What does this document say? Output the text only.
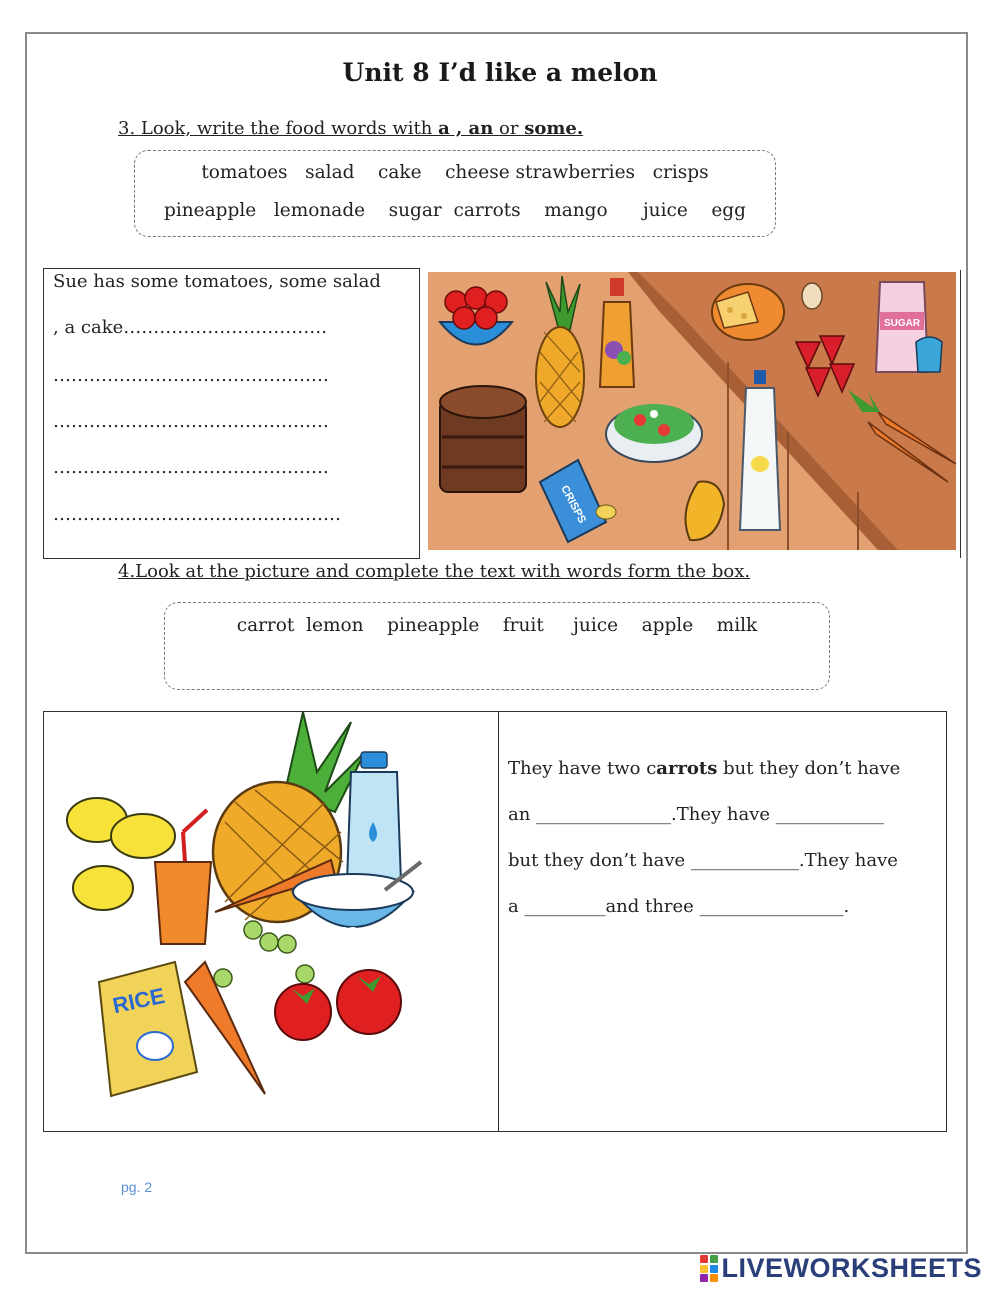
Unit 8 I’d like a melon
3. Look, write the food words with a , an or some.
tomatoes   salad    cake    cheese strawberries   crisps
pineapple   lemonade    sugar  carrots    mango      juice    egg
Sue has some tomatoes, some salad
, a cake…………………………….
……………………………………….
……………………………………….
……………………………………….
…………………………………………
SUGAR
CRISPS
4.Look at the picture and complete the text with words form the box.
carrot  lemon    pineapple    fruit     juice    apple    milk
SUGAR
RICE
They have two carrots but they don’t have
an _______________.They have ____________
but they don’t have ____________.They have
a _________and three ________________.
pg. 2
LIVEWORKSHEETS
